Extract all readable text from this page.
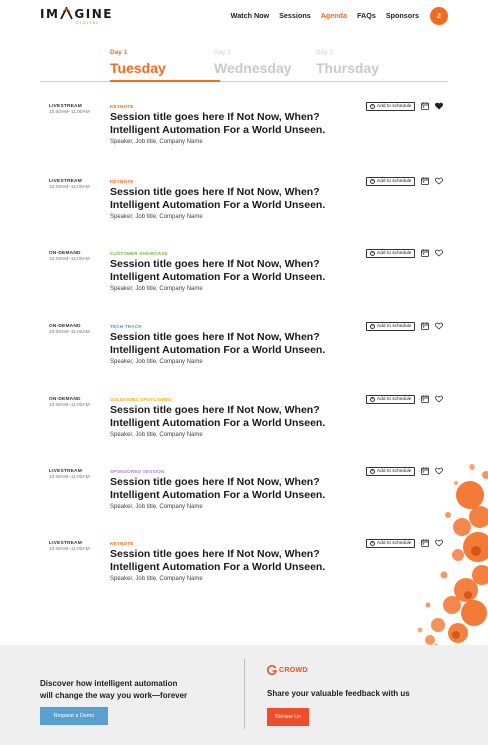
IM GINE
DIGITAL
Watch Now Sessions Agenda FAQs Sponsors	2
Day 1
Tuesday
Day 2
Wednesday
Day 3
Thursday
LIVESTREAM
10:00AM–11:00AM
KEYNOTE
Session title goes here If Not Now, When?
Intelligent Automation For a World Unseen.
Speaker, Job title, Company Name
+ Add to schedule
LIVESTREAM
10:00AM–11:00AM
KEYNOTE
Session title goes here If Not Now, When?
Intelligent Automation For a World Unseen.
Speaker, Job title, Company Name
+ Add to schedule
ON-DEMAND
10:00AM–11:00AM
CUSTOMER SHOWCASE
Session title goes here If Not Now, When?
Intelligent Automation For a World Unseen.
Speaker, Job title, Company Name
+ Add to schedule
ON-DEMAND
10:00AM–11:00AM
TECH TRACK
Session title goes here If Not Now, When?
Intelligent Automation For a World Unseen.
Speaker, Job title, Company Name
+ Add to schedule
ON-DEMAND
10:00AM–11:00AM
SOLUTIONS SPOTLIGHTS
Session title goes here If Not Now, When?
Intelligent Automation For a World Unseen.
Speaker, Job title, Company Name
+ Add to schedule
LIVESTREAM
10:00AM–11:00AM
SPONSORED SESSION
Session title goes here If Not Now, When?
Intelligent Automation For a World Unseen.
Speaker, Job title, Company Name
+ Add to schedule
LIVESTREAM
10:00AM–11:00AM
KEYNOTE
Session title goes here If Not Now, When?
Intelligent Automation For a World Unseen.
Speaker, Job title, Company Name
+ Add to schedule
Discover how intelligent automation
will change the way you work—forever
Request a Demo
CROWD
Share your valuable feedback with us
Review Us
